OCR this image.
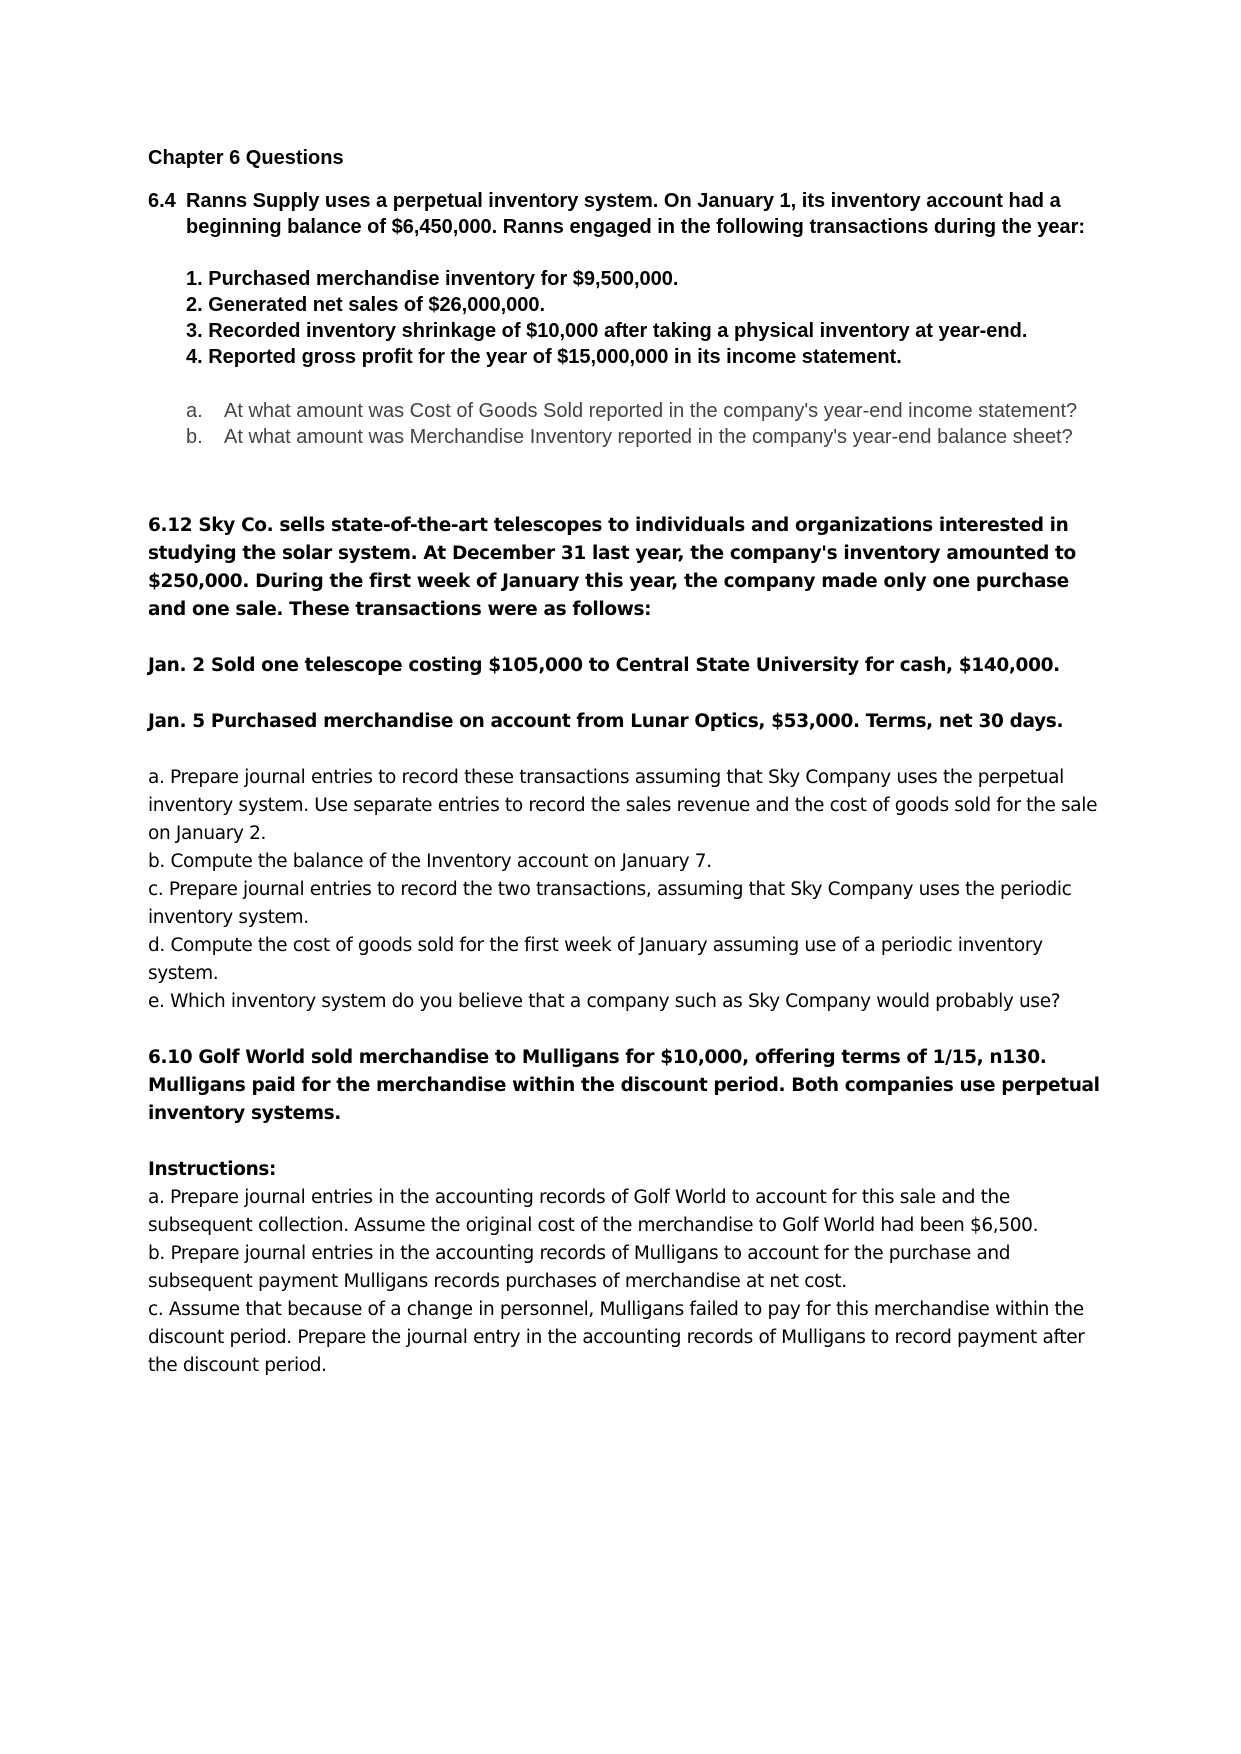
Chapter 6 Questions
6.4 Ranns Supply uses a perpetual inventory system. On January 1, its inventory account had a beginning balance of $6,450,000. Ranns engaged in the following transactions during the year:
1. Purchased merchandise inventory for $9,500,000.
2. Generated net sales of $26,000,000.
3. Recorded inventory shrinkage of $10,000 after taking a physical inventory at year-end.
4. Reported gross profit for the year of $15,000,000 in its income statement.
a.	At what amount was Cost of Goods Sold reported in the company's year-end income statement?
b.	At what amount was Merchandise Inventory reported in the company's year-end balance sheet?

6.12 Sky Co. sells state-of-the-art telescopes to individuals and organizations interested in studying the solar system. At December 31 last year, the company's inventory amounted to $250,000. During the first week of January this year, the company made only one purchase and one sale. These transactions were as follows:

Jan. 2 Sold one telescope costing $105,000 to Central State University for cash, $140,000.

Jan. 5 Purchased merchandise on account from Lunar Optics, $53,000. Terms, net 30 days.

a. Prepare journal entries to record these transactions assuming that Sky Company uses the perpetual inventory system. Use separate entries to record the sales revenue and the cost of goods sold for the sale on January 2.

b. Compute the balance of the Inventory account on January 7.

c. Prepare journal entries to record the two transactions, assuming that Sky Company uses the periodic inventory system.

d. Compute the cost of goods sold for the first week of January assuming use of a periodic inventory system.

e. Which inventory system do you believe that a company such as Sky Company would probably use?

6.10 Golf World sold merchandise to Mulligans for $10,000, offering terms of 1/15, n130. Mulligans paid for the merchandise within the discount period. Both companies use perpetual inventory systems.

Instructions:

a. Prepare journal entries in the accounting records of Golf World to account for this sale and the subsequent collection. Assume the original cost of the merchandise to Golf World had been $6,500.

b. Prepare journal entries in the accounting records of Mulligans to account for the purchase and subsequent payment Mulligans records purchases of merchandise at net cost.

c. Assume that because of a change in personnel, Mulligans failed to pay for this merchandise within the discount period. Prepare the journal entry in the accounting records of Mulligans to record payment after the discount period.
